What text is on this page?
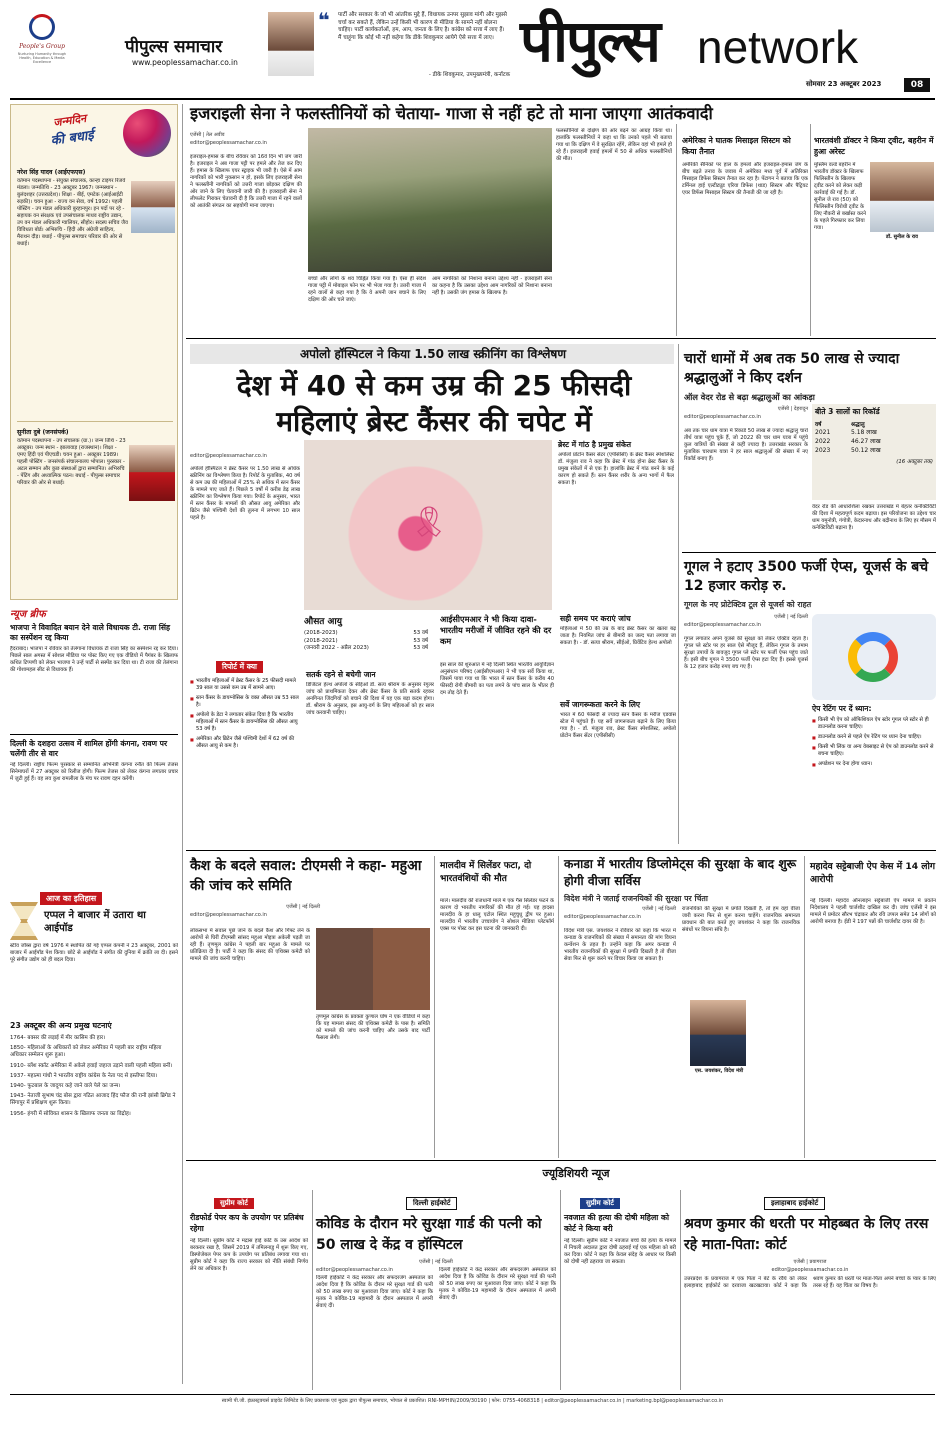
People's Group
Nurturing Humanity through Health, Education & Media Excellence
पीपुल्स समाचार
www.peoplessamachar.co.in
❝ पार्टी और सरकार के जो भी आंतरिक मुद्दे हैं, विधायक उनपर सुझाव मांगी और मुझसे चर्चा कर सकते हैं, लेकिन उन्हें किसी भी कारण से मीडिया के सामने नहीं बोलना चाहिए। पार्टी कार्यकर्ताओं, हम, आप, जनता के लिए है। कांग्रेस को सत्ता में लाए हैं। मैं चाहूंगा कि कोई भी नहीं कहेगा कि डीके शिवकुमार आयेगे ऐसे सत्ता में लाए।
- डीके शिवकुमार, उपमुख्यमंत्री, कर्नाटक पीपुल्स network
सोमवार 23 अक्टूबर 2023	08
जन्मदिन
की बधाई
नरेश सिंह यादव (आईएफएस)
वर्तमान पदस्थापना - संयुक्त संचालक, कान्हा टाइगर रिजर्व मंडला। जन्मतिथि - 23 अक्टूबर 1967। जन्मस्थान - बुलंदशहर (उत्तरप्रदेश)। शिक्षा - बीई, एमटेक (आईआईटी रुड़की)। चयन हुआ - राज्य वन सेवा, वर्ष 1992। पहली पोस्टिंग - उप मंडल अधिकारी बुरहानपुर। इन पदों पर रहे - सहायक वन संरक्षक एवं उपसंचालक माधव राष्ट्रीय उद्यान, उप वन मंडल अधिकारी ग्वालियर, सीहोर। सदस्य सचिव जैव विविधता बोर्ड। अभिरुचि - हिंदी और अंग्रेजी साहित्य, मैराथन दौड़। बधाई - पीपुल्स समाचार परिवार की ओर से बधाई।
सुनीता दुबे (जनसंपर्क)
वर्तमान पदस्थापना - उप संचालक (ग्रा.)। जन्म तिथि - 23 अक्टूबर। जन्म स्थान - झालावाड़ (राजस्थान)। शिक्षा - एमए हिंदी एवं पीएचडी। चयन हुआ - अक्टूबर 1989। पहली पोस्टिंग - जनसंपर्क संचालनालय भोपाल। पुरस्कार - अटल सम्मान और कुछ संस्थाओं द्वारा सम्मानित। अभिरुचि - पेंटिंग और अध्यात्मिक पठन। बधाई - पीपुल्स समाचार परिवार की ओर से बधाई।
न्यूज ब्रीफ
भाजपा ने विवादित बयान देने वाले विधायक टी. राजा सिंह का सस्पेंशन रद्द किया
हैदराबाद। भाजपा ने रविवार को तेलंगाना विधायक टी राजा सिंह का सस्पेंशन रद्द कर दिया। पिछले साल अगस्त में सोशल मीडिया पर पोस्ट किए गए एक वीडियो में पैगंबर के खिलाफ कथित टिप्पणी को लेकर भाजपा ने उन्हें पार्टी से सस्पेंड कर दिया था। टी राजा की तेलंगाना की गोशामहल सीट से विधायक हैं।
दिल्ली के दशहरा उत्सव में शामिल होंगी कंगना, रावण पर चलेंगी तीर से वार
नई दिल्ली। राष्ट्रीय फिल्म पुरस्कार से सम्मानित अभिनेत्री कंगना रनौत की फिल्म तेजस सिनेमाघरों में 27 अक्टूबर को रिलीज होगी। फिल्म तेजस को लेकर कंगना लगातार प्रचार में जुटी हुई हैं। वह लव कुश रामलीला के मंच पर रावण दहन करेंगी।
आज का इतिहास
एप्पल ने बाजार में उतारा था आईपॉड
स्टीव जॉब्स द्वारा वर्ष 1976 में स्थापित की गई एप्पल कंपनी ने 23 अक्टूबर, 2001 को बाजार में आईपॉड पेश किया। छोटे से आईपॉड ने संगीत की दुनिया में क्रांति ला दी। इसने पूरे संगीत उद्योग को ही बदल दिया।
23 अक्टूबर की अन्य प्रमुख घटनाएं
1764- बक्सर की लड़ाई में मीर कासिम की हार।
1850- महिलाओं के अधिकारों को लेकर अमेरिका में पहली बार राष्ट्रीय महिला अधिकार सम्मेलन शुरू हुआ।
1910- ब्लेंश स्कॉट अमेरिका में अकेले हवाई जहाज उड़ाने वाली पहली महिला बनीं।
1937- महात्मा गांधी ने भारतीय राष्ट्रीय कांग्रेस के नेता पद से इस्तीफा दिया।
1940- फुटबाल के जादूगर कहे जाने वाले पेले का जन्म।
1943- नेताजी सुभाष चंद्र बोस द्वारा गठित आजाद हिंद फौज की रानी झांसी ब्रिगेड ने सिंगापुर में प्रशिक्षण शुरू किया।
1956- हंगरी में सोवियत शासन के खिलाफ जनता का विद्रोह।
इजराइली सेना ने फलस्तीनियों को चेताया- गाजा से नहीं हटे तो माना जाएगा आतंकवादी
एजेंसी | तेल अवीव
editor@peoplessamachar.co.in
इजराइल-हमास के बीच रविवार को 16वें दिन भी जंग जारी है। इजराइल ने अब गाजा पट्टी पर हमले और तेज कर दिए हैं। हमास के खिलाफ एयर स्ट्राइक भी जारी है। ऐसे में आम नागरिकों को भारी नुकसान न हो, इसके लिए इजराइली सेना ने फलस्तीनी नागरिकों को उत्तरी गाजा छोड़कर दक्षिण की ओर जाने के लिए चेतावनी जारी की है। इजराइली सेना ने लीफलेट गिराकर चेतावनी दी है कि उत्तरी गाजा में रहने वालों को आतंकी संगठन का सहयोगी माना जाएगा।
बच्चों और लोगों के शव चिह्नित किया गया है। ऐसा ही संदेश गाजा पट्टी में मोबाइल फोन पर भी भेजा गया है। उत्तरी गाजा में रहने वालों से कहा गया है कि वे अपनी जान बचाने के लिए दक्षिण की ओर चले जाएं।
आम नागरिकों को निशाना बनाना उद्देश्य नहीं - इजराइली सेना का कहना है कि उसका उद्देश्य आम नागरिकों को निशाना बनाना नहीं है। उसकी जंग हमास के खिलाफ है।
फलस्तीनियों से दक्षिण की ओर बढ़ने का आग्रह किया था। हालांकि फलस्तीनियों ने कहा था कि उनको पहले भी बताया गया था कि दक्षिण में वे सुरक्षित रहेंगे, लेकिन वहां भी हमले हो रहे हैं। इजराइली हवाई हमलों में 50 से अधिक फलस्तीनियों की मौत।
अमेरिका ने घातक मिसाइल सिस्टम को किया तैनात
अमेरिकी सैनिकों पर हाल के हमलों और इजराइल-हमास जंग के बीच बढ़ते तनाव के जवाब में अमेरिका मध्य पूर्व में अतिरिक्त मिसाइल डिफेंस सिस्टम तैनात कर रहा है। पेंटागन ने बताया कि एक टर्मिनल हाई एल्टीट्यूड एरिया डिफेंस (थाड) सिस्टम और पैट्रियट एयर डिफेंस मिसाइल सिस्टम की तैनाती की जा रही है।
भारतवंशी डॉक्टर ने किया ट्वीट, बहरीन में हुआ अरेस्ट
मुस्लिम वर्ल्ड बहरीन में भारतीय डॉक्टर के खिलाफ फिलिस्तीन के खिलाफ ट्वीट करने को लेकर कड़ी कार्रवाई की गई है। डॉ. सुनील जे राव (50) को फिलिस्तीन विरोधी ट्वीट के लिए नौकरी से बर्खास्त करने के पहले गिरफ्तार कर लिया गया।
डॉ. सुनील के राव
अपोलो हॉस्पिटल ने किया 1.50 लाख स्क्रीनिंग का विश्लेषण
देश में 40 से कम उम्र की 25 फीसदी महिलाएं ब्रेस्ट कैंसर की चपेट में
editor@peoplessamachar.co.in
अपोलो हॉस्पिटल ने ब्रेस्ट कैंसर पर 1.50 लाख से अधिक स्क्रीनिंग का विश्लेषण किया है। रिपोर्ट के मुताबिक, 40 वर्ष से कम उम्र की महिलाओं में 25% से अधिक में स्तन कैंसर के मामले पाए जाते हैं। पिछले 5 वर्षों में करीब डेढ़ लाख स्क्रीनिंग का विश्लेषण किया गया। रिपोर्ट के अनुसार, भारत में स्तन कैंसर के मामलों की औसत आयु अमेरिका और ब्रिटेन जैसे पश्चिमी देशों की तुलना में लगभग 10 साल पहले है।	🎗
ब्रेस्ट में गांठ है प्रमुख संकेत
अपोलो प्रोटोन कैंसर सेंटर (एपीसीसी) के ब्रेस्ट कैंसर स्पेशलिस्ट डॉ. मंजुला राव ने कहा कि ब्रेस्ट में गांठ होना ब्रेस्ट कैंसर के प्रमुख संकेतों में से एक है। हालांकि ब्रेस्ट में गांठ बनने के कई कारण हो सकते हैं। स्तन कैंसर शरीर के अन्य भागों में फैल सकता है।
औसत आयु
(2018-2023)	53 वर्ष
(2018-2021)	53 वर्ष
(जनवरी 2022 - अप्रैल 2023)	53 वर्ष
आईसीएमआर ने भी किया दावा- भारतीय मरीजों में जीवित रहने की दर कम
इस साल की शुरुआत में नई दिल्ली स्थित भारतीय आयुर्विज्ञान अनुसंधान परिषद (आईसीएमआर) ने भी एक सर्वे किया था, जिसमें पाया गया था कि भारत में स्तन कैंसर के करीब 40 फीसदी रोगी बीमारी का पता लगने के पांच साल के भीतर ही दम तोड़ देते हैं।
रिपोर्ट में क्या
■ भारतीय महिलाओं में ब्रेस्ट कैंसर के 25 फीसदी मामले 39 साल या उससे कम उम्र में सामने आए।
■ स्तन कैंसर के डायग्नोसिस के वक्त औसत उम्र 53 साल है।
■ अपोलो के डेटा ने लगातार संकेत दिया है कि भारतीय महिलाओं में स्तन कैंसर के डायग्नोसिस की औसत आयु 53 वर्ष है।
■ अमेरिका और ब्रिटेन जैसे पश्चिमी देशों में 62 वर्ष की औसत आयु से कम है।
सतर्क रहने से बचेगी जान
डिजिटल हेल्थ अपोलो के सीईओ डॉ. सत्य श्रीराम के अनुसार रेगुलर जांच को प्राथमिकता देकर और ब्रेस्ट कैंसर के प्रति सतर्क रहकर अनगिनत जिंदगियों को बचाने की दिशा में यह एक बड़ा कदम होगा। डॉ. श्रीराम के अनुसार, इस आयु-वर्ग के लिए महिलाओं को हर साल जांच करवानी चाहिए।
सही समय पर कराएं जांच
महिलाओं में 50 की उम्र के बाद ब्रेस्ट कैंसर का खतरा बढ़ जाता है। नियमित जांच से बीमारी का जल्द पता लगाया जा सकता है। - डॉ. सत्या श्रीराम, सीईओ, प्रिवेंटिव हेल्थ अपोलो
सर्वे जागरूकता करने के लिए
भारत में 60 फीसदी से ज्यादा स्तन कैंसर के मरीज एडवांस स्टेज में पहुंचते हैं। यह सर्वे जागरूकता बढ़ाने के लिए किया गया है। - डॉ. मंजुला राव, ब्रेस्ट कैंसर स्पेशलिस्ट, अपोलो प्रोटोन कैंसर सेंटर (एपीसीसी)
चारों धामों में अब तक 50 लाख से ज्यादा श्रद्धालुओं ने किए दर्शन
ऑल वेदर रोड से बढ़ा श्रद्धालुओं का आंकड़ा
एजेंसी | देहरादून
editor@peoplessamachar.co.in
अब तक चार धाम यात्रा में रिकार्ड 50 लाख से ज्यादा श्रद्धालु चारों तीर्थ यात्रा पहुंच चुके हैं, जो 2022 की चार धाम यात्रा में पहुंचे कुल यात्रियों की संख्या से कहीं ज्यादा है। उत्तराखंड सरकार के मुताबिक चारधाम यात्रा ने हर साल श्रद्धालुओं की संख्या में नए रिकॉर्ड बनाए हैं।
बीते 3 सालों का रिकॉर्ड
वर्ष	श्रद्धालु
2021	5.18 लाख
2022	46.27 लाख
2023	50.12 लाख
(16 अक्टूबर तक)
वेदर रोड की आधारशिला रखकर उत्तराखंड में बेहतर कनेक्टिविटी की दिशा में महत्वपूर्ण कदम बढ़ाया। इस परियोजना का उद्देश्य चार धाम यमुनोत्री, गंगोत्री, केदारनाथ और बद्रीनाथ के लिए हर मौसम में कनेक्टिविटी बढ़ाना है।
गूगल ने हटाए 3500 फर्जी ऐप्स, यूजर्स के बचे 12 हजार करोड़ रु.
गूगल के नए प्रोटेक्टिव टूल से यूजर्स को राहत
एजेंसी | नई दिल्ली
editor@peoplessamachar.co.in
गूगल लगातार अपने यूजर्स की सुरक्षा को लेकर एक्टिव रहता है। गूगल प्ले स्टोर पर हर साल ऐसे मौजूद हैं, लेकिन गूगल के तमाम सुरक्षा उपायों के बावजूद गूगल प्ले स्टोर पर फर्जी ऐप्स पहुंच जाते हैं। इसी बीच गूगल ने 3500 फर्जी ऐप्स हटा दिए हैं। इससे यूजर्स के 12 हजार करोड़ रुपए बच गए हैं।
ऐप रेटिंग पर दें ध्यान:
■ किसी भी ऐप को ऑफिशियल ऐप स्टोर गूगल प्ले स्टोर से ही डाउनलोड करना चाहिए।
■ डाउनलोड करने से पहले ऐप रेटिंग पर ध्यान देना चाहिए।
■ किसी भी लिंक या अन्य वेबसाइट से ऐप को डाउनलोड करने से बचना चाहिए।
■ अपडेशन पर देना होगा ध्यान।
कैश के बदले सवाल: टीएमसी ने कहा- महुआ की जांच करे समिति
एजेंसी | नई दिल्ली
editor@peoplessamachar.co.in
लोकसभा में सवाल पूछे जाने के बदले कैश और गिफ्ट लेने के आरोपों से घिरीं टीएमसी सांसद महुआ मोइत्रा अकेली पड़ती जा रही हैं। तृणमूल कांग्रेस ने पहली बार महुआ के मामले पर प्रतिक्रिया दी है। पार्टी ने कहा कि संसद की एथिक्स कमेटी को मामले की जांच करनी चाहिए।
तृणमूल कांग्रेस के प्रवक्ता कुणाल घोष ने एक वीडियो में कहा कि यह मामला संसद की एथिक्स कमेटी के पास है। समिति को मामले की जांच करनी चाहिए और उसके बाद पार्टी फैसला लेगी।
मालदीव में सिलेंडर फटा, दो भारतवंशियों की मौत
माले। मालदीव की राजधानी माले में एक गैस सिलेंडर फटने के कारण दो भारतीय नागरिकों की मौत हो गई। यह हादसा मालदीव के हा धालू एटोल स्थित महुचुधू द्वीप पर हुआ। मालदीव में भारतीय उच्चायोग ने सोशल मीडिया प्लेटफॉर्म एक्स पर पोस्ट कर इस घटना की जानकारी दी।
कनाडा में भारतीय डिप्लोमेट्स की सुरक्षा के बाद शुरू होगी वीजा सर्विस
विदेश मंत्री ने जताई राजनयिकों की सुरक्षा पर चिंता
एजेंसी | नई दिल्ली
editor@peoplessamachar.co.in
विदेश मंत्री एस. जयशंकर ने रविवार को कहा कि भारत में कनाडा के राजनयिकों की संख्या में समानता की मांग वियना कन्वेंशन के तहत है। उन्होंने कहा कि अगर कनाडा में भारतीय राजनयिकों की सुरक्षा में प्रगति दिखती है तो वीजा सेवा फिर से शुरू करने पर विचार किया जा सकता है।
राजनयिकों की सुरक्षा में प्रगति दिखती है, तो हम वहां वीजा जारी करना फिर से शुरू करना चाहेंगे। राजनयिक समानता प्रावधान की बात करते हुए जयशंकर ने कहा कि राजनयिक संबंधों पर वियना संधि है।
एस. जयशंकर, विदेश मंत्री
महादेव सट्टेबाजी ऐप केस में 14 लोग आरोपी
नई दिल्ली। महादेव ऑनलाइन सट्टेबाजी ऐप मामले में प्रवर्तन निदेशालय ने पहली चार्जशीट दाखिल कर दी। जांच एजेंसी ने इस मामले में प्रमोटर सौरभ चंद्राकर और रवि उप्पल समेत 14 लोगों को आरोपी बनाया है। ईडी ने 197 पन्नों की चार्जशीट दायर की है।
ज्यूडिशियरी न्यूज
सुप्रीम कोर्ट
रीडफोर्ड पेपर कप के उपयोग पर प्रतिबंध रहेगा
नई दिल्ली। सुप्रीम कोर्ट ने मद्रास हाई कोर्ट के उस आदेश को बरकरार रखा है, जिसमें 2019 में तमिलनाडु में शुरू किए गए, डिस्पोजेबल पेपर कप के उपयोग पर प्रतिबंध लगाया गया था। सुप्रीम कोर्ट ने कहा कि राज्य सरकार को नीति संबंधी निर्णय लेने का अधिकार है।
दिल्ली हाईकोर्ट
कोविड के दौरान मरे सुरक्षा गार्ड की पत्नी को 50 लाख दे केंद्र व हॉस्पिटल
एजेंसी | नई दिल्ली
editor@peoplessamachar.co.in
दिल्ली हाईकोर्ट ने केंद्र सरकार और सफदरजंग अस्पताल को आदेश दिया है कि कोविड के दौरान मरे सुरक्षा गार्ड की पत्नी को 50 लाख रुपए का मुआवजा दिया जाए। कोर्ट ने कहा कि मृतक ने कोविड-19 महामारी के दौरान अस्पताल में अपनी सेवाएं दीं।
दिल्ली हाईकोर्ट ने केंद्र सरकार और सफदरजंग अस्पताल को आदेश दिया है कि कोविड के दौरान मरे सुरक्षा गार्ड की पत्नी को 50 लाख रुपए का मुआवजा दिया जाए। कोर्ट ने कहा कि मृतक ने कोविड-19 महामारी के दौरान अस्पताल में अपनी सेवाएं दीं।
सुप्रीम कोर्ट
नवजात की हत्या की दोषी महिला को कोर्ट ने किया बरी
नई दिल्ली। सुप्रीम कोर्ट ने नवजात बच्चे की हत्या के मामले में निचली अदालत द्वारा दोषी ठहराई गई एक महिला को बरी कर दिया। कोर्ट ने कहा कि केवल संदेह के आधार पर किसी को दोषी नहीं ठहराया जा सकता।
इलाहाबाद हाईकोर्ट
श्रवण कुमार की धरती पर मोहब्बत के लिए तरस रहे माता-पिता: कोर्ट
एजेंसी | प्रयागराज
editor@peoplessamachar.co.in
उत्तरप्रदेश के प्रयागराज में एक पिता ने बेटे के रवैये को लेकर इलाहाबाद हाईकोर्ट का दरवाजा खटखटाया। कोर्ट ने कहा कि श्रवण कुमार की धरती पर माता-पिता अपने बच्चों के प्यार के लिए तरस रहे हैं। यह चिंता का विषय है।
स्वामी पी.जी. इंफ्रास्ट्रक्चर्स प्राइवेट लिमिटेड के लिए प्रकाशक एवं मुद्रक द्वारा पीपुल्स समाचार, भोपाल से प्रकाशित। RNI-MPHIN/2009/30190 | फोन: 0755-4068318 | editor@peoplessamachar.co.in | marketing.bpl@peoplessamachar.co.in
